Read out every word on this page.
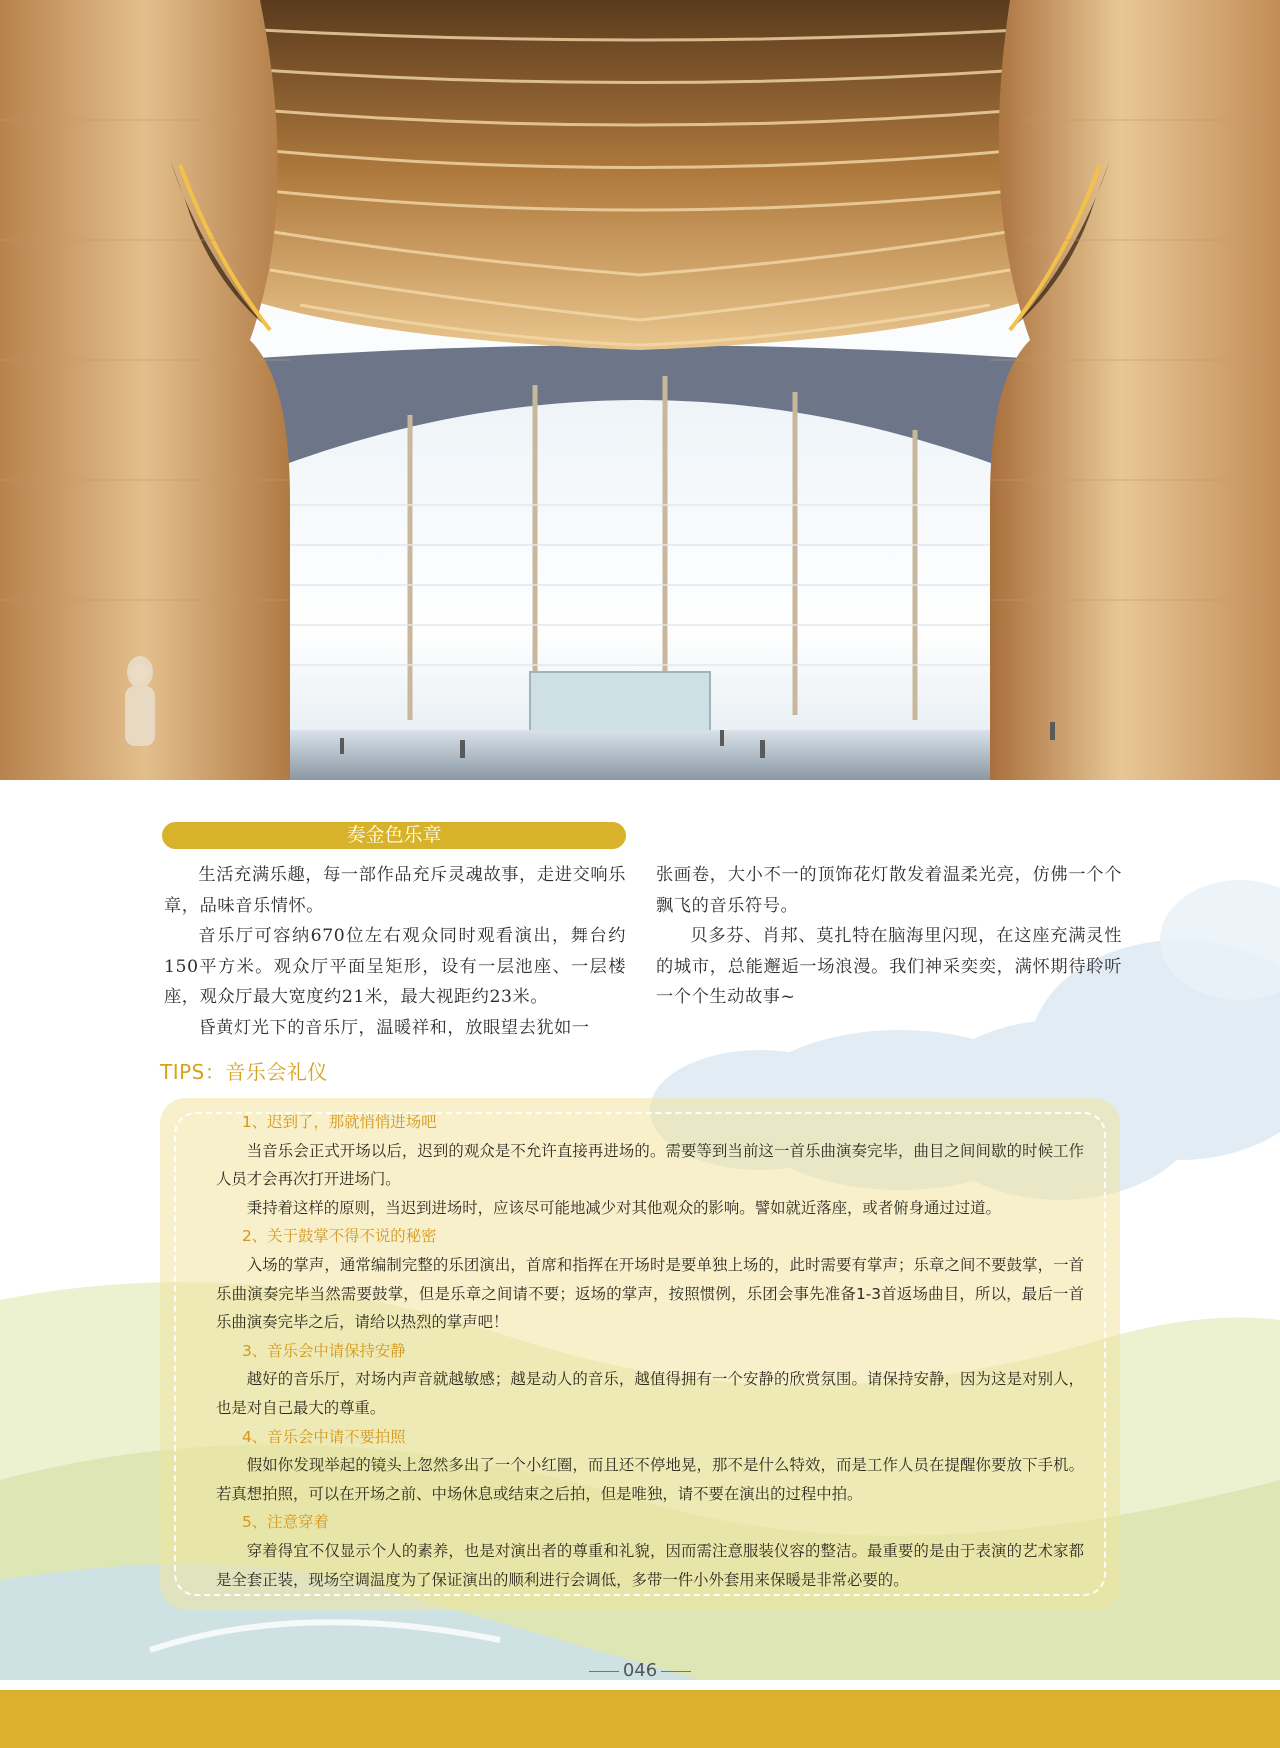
奏金色乐章

生活充满乐趣，每一部作品充斥灵魂故事，走进交响乐章，品味音乐情怀。

音乐厅可容纳670位左右观众同时观看演出，舞台约150平方米。观众厅平面呈矩形，设有一层池座、一层楼座，观众厅最大宽度约21米，最大视距约23米。

昏黄灯光下的音乐厅，温暖祥和，放眼望去犹如一

张画卷，大小不一的顶饰花灯散发着温柔光亮，仿佛一个个飘飞的音乐符号。

贝多芬、肖邦、莫扎特在脑海里闪现，在这座充满灵性的城市，总能邂逅一场浪漫。我们神采奕奕，满怀期待聆听一个个生动故事~

TIPS：音乐会礼仪
1、迟到了，那就悄悄进场吧

当音乐会正式开场以后，迟到的观众是不允许直接再进场的。需要等到当前这一首乐曲演奏完毕，曲目之间间歇的时候工作人员才会再次打开进场门。

秉持着这样的原则，当迟到进场时，应该尽可能地减少对其他观众的影响。譬如就近落座，或者俯身通过过道。

2、关于鼓掌不得不说的秘密

入场的掌声，通常编制完整的乐团演出，首席和指挥在开场时是要单独上场的，此时需要有掌声；乐章之间不要鼓掌，一首乐曲演奏完毕当然需要鼓掌，但是乐章之间请不要；返场的掌声，按照惯例，乐团会事先准备1-3首返场曲目，所以，最后一首乐曲演奏完毕之后，请给以热烈的掌声吧！

3、音乐会中请保持安静

越好的音乐厅，对场内声音就越敏感；越是动人的音乐，越值得拥有一个安静的欣赏氛围。请保持安静，因为这是对别人，也是对自己最大的尊重。

4、音乐会中请不要拍照

假如你发现举起的镜头上忽然多出了一个小红圈，而且还不停地晃，那不是什么特效，而是工作人员在提醒你要放下手机。若真想拍照，可以在开场之前、中场休息或结束之后拍，但是唯独，请不要在演出的过程中拍。

5、注意穿着

穿着得宜不仅显示个人的素养，也是对演出者的尊重和礼貌，因而需注意服装仪容的整洁。最重要的是由于表演的艺术家都是全套正装，现场空调温度为了保证演出的顺利进行会调低，多带一件小外套用来保暖是非常必要的。

046
